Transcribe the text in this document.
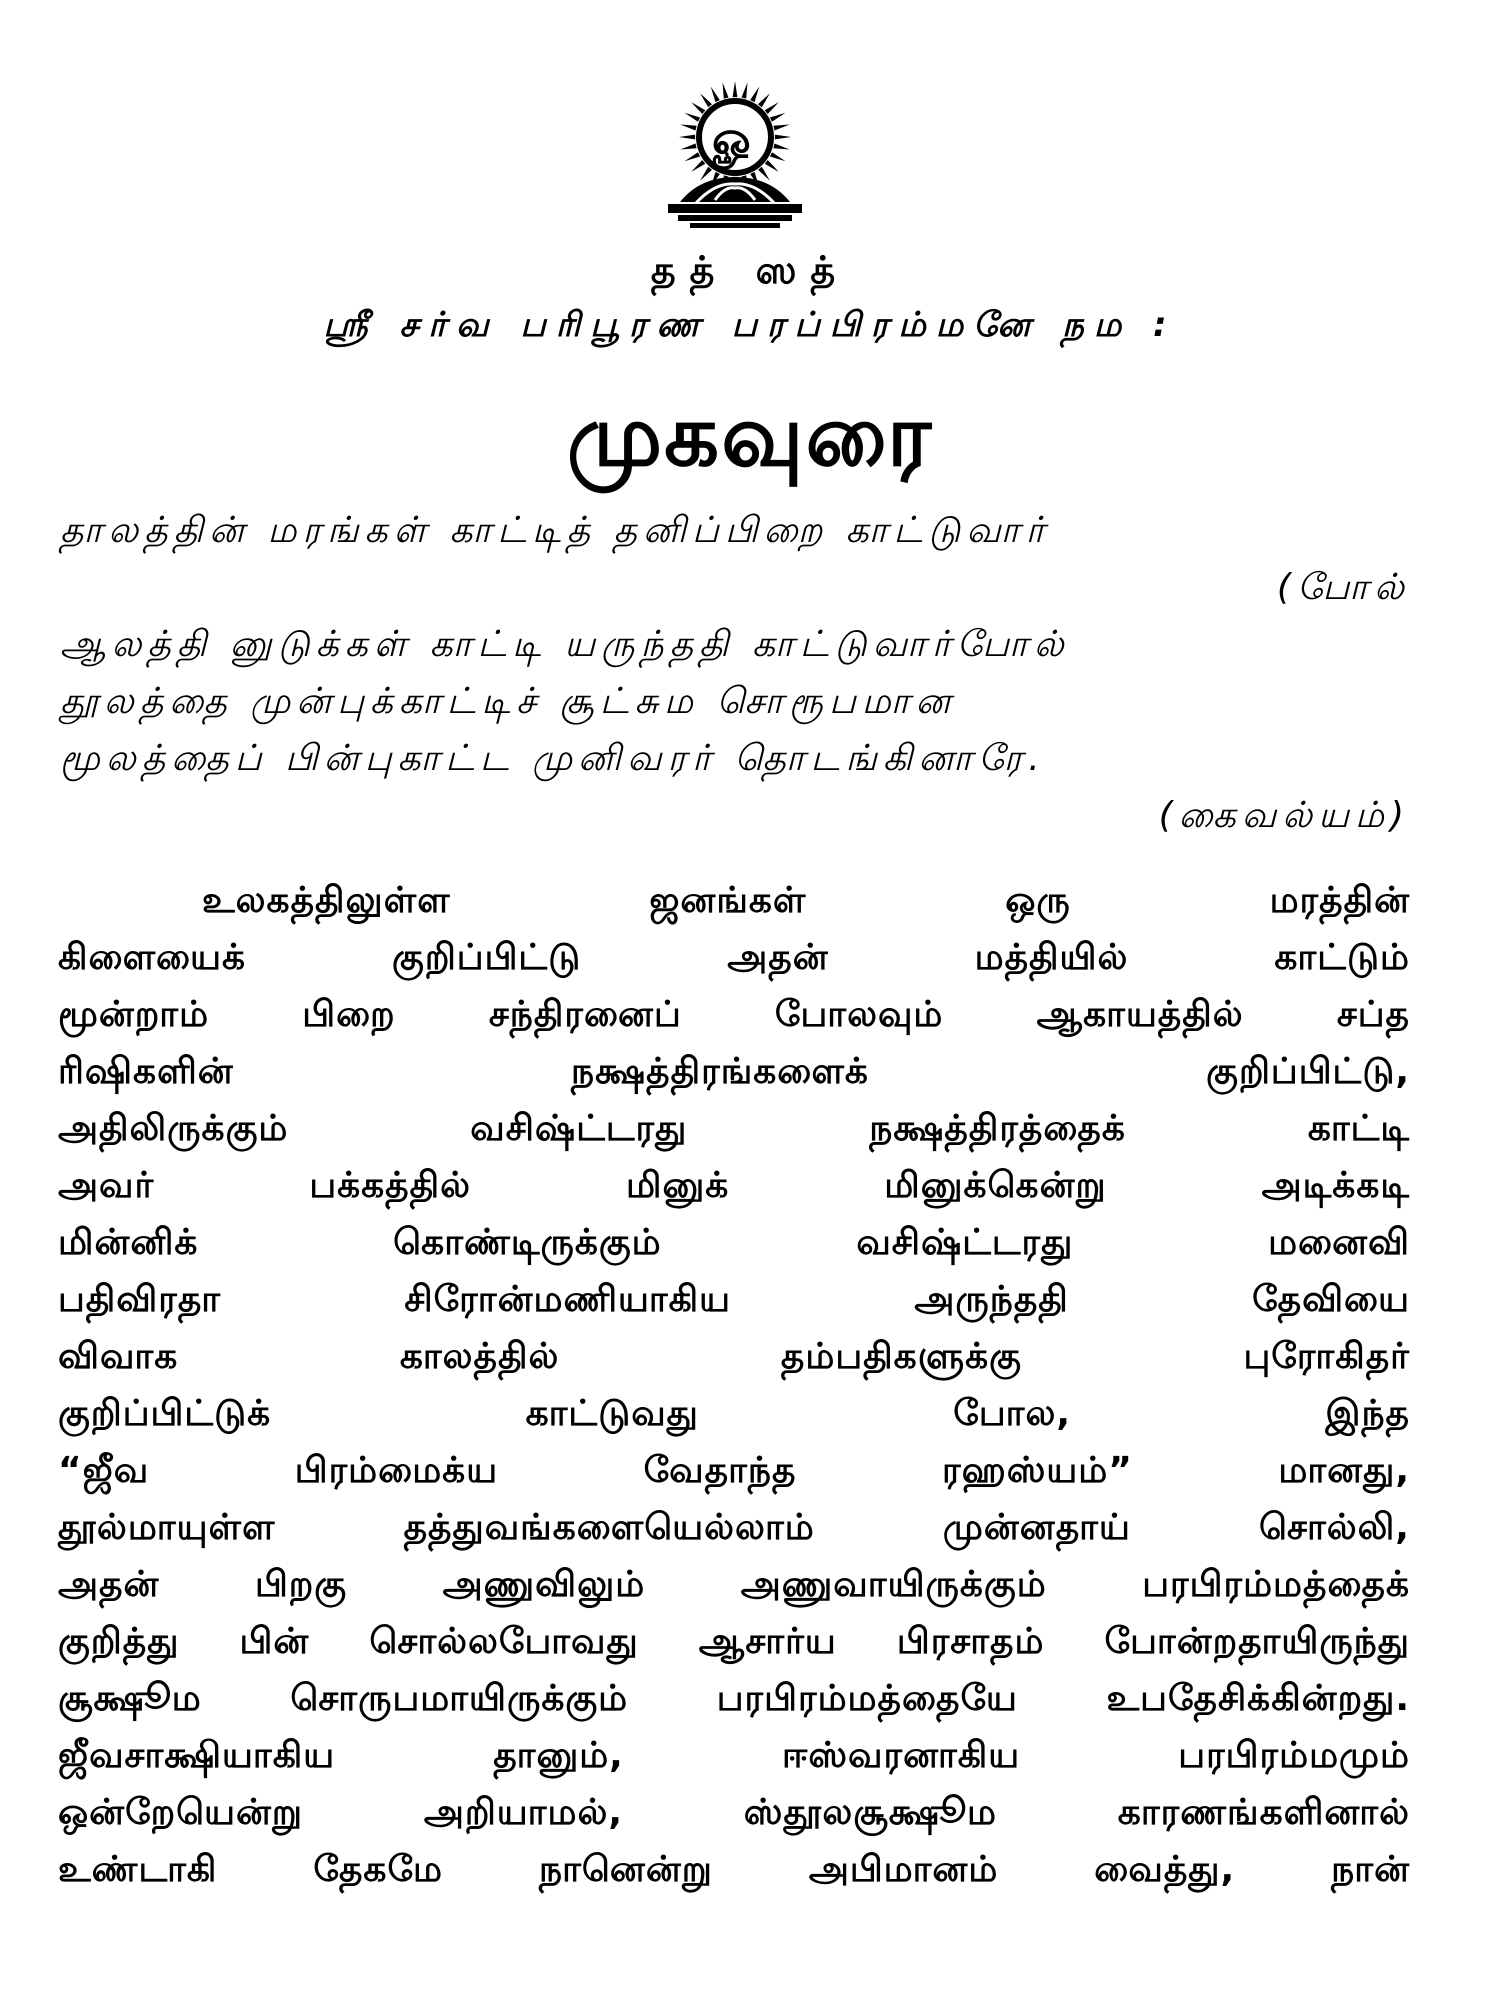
ௐ
தத் ஸத்
ஸ்ரீ சர்வ பரிபூரண பரப்பிரம்மனே நம :
முகவுரை
தாலத்தின் மரங்கள் காட்டித் தனிப்பிறை காட்டுவார்
(போல்
ஆலத்தி னுடுக்கள் காட்டி யருந்ததி காட்டுவார்போல்
தூலத்தை முன்புக்காட்டிச் சூட்சும சொரூபமான
மூலத்தைப் பின்புகாட்ட முனிவரர் தொடங்கினாரே.
(கைவல்யம்)
உலகத்திலுள்ள ஜனங்கள் ஒரு மரத்தின்
கிளையைக் குறிப்பிட்டு அதன் மத்தியில் காட்டும்
மூன்றாம் பிறை சந்திரனைப் போலவும் ஆகாயத்தில் சப்த
ரிஷிகளின் நக்ஷத்திரங்களைக் குறிப்பிட்டு,
அதிலிருக்கும் வசிஷ்ட்டரது நக்ஷத்திரத்தைக் காட்டி
அவர் பக்கத்தில் மினுக் மினுக்கென்று அடிக்கடி
மின்னிக் கொண்டிருக்கும் வசிஷ்ட்டரது மனைவி
பதிவிரதா சிரோன்மணியாகிய அருந்ததி தேவியை
விவாக காலத்தில் தம்பதிகளுக்கு புரோகிதர்
குறிப்பிட்டுக் காட்டுவது போல, இந்த
“ஜீவ பிரம்மைக்ய வேதாந்த ரஹஸ்யம்” மானது,
தூல்மாயுள்ள தத்துவங்களையெல்லாம் முன்னதாய் சொல்லி,
அதன் பிறகு அணுவிலும் அணுவாயிருக்கும் பரபிரம்மத்தைக்
குறித்து பின் சொல்லபோவது ஆசார்ய பிரசாதம் போன்றதாயிருந்து
சூக்ஷூம சொருபமாயிருக்கும் பரபிரம்மத்தையே உபதேசிக்கின்றது.
ஜீவசாக்ஷியாகிய தானும், ஈஸ்வரனாகிய பரபிரம்மமும்
ஒன்றேயென்று அறியாமல், ஸ்தூலசூக்ஷூம காரணங்களினால்
உண்டாகி தேகமே நானென்று அபிமானம் வைத்து, நான்
